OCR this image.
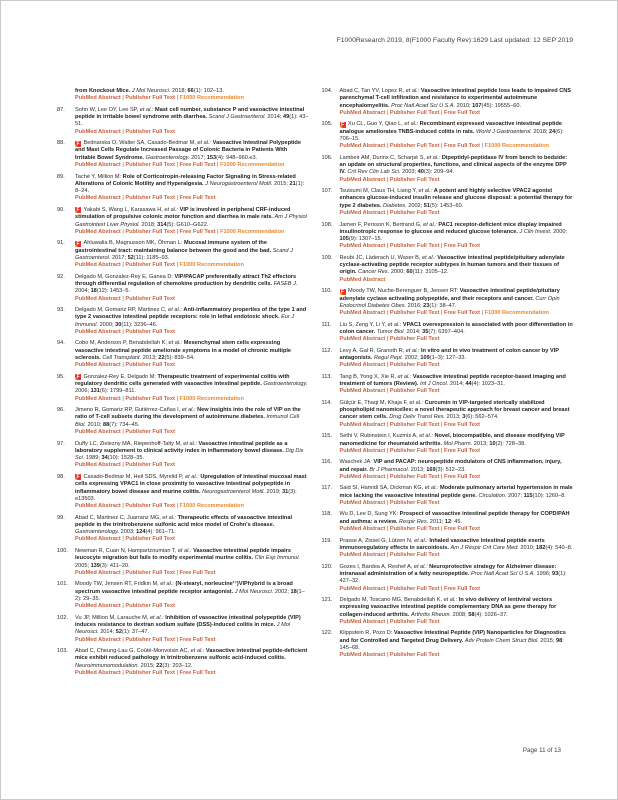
F1000Research 2019, 8(F1000 Faculty Rev):1629 Last updated: 12 SEP 2019
from Knockout Mice. J Mol Neurosci. 2018; 66(1): 102–13.
PubMed Abstract | Publisher Full Text | F1000 Recommendation
87.	Sohn W, Lee OY, Lee SP, et al.: Mast cell number, substance P and vasoactive intestinal peptide in irritable bowel syndrome with diarrhea. Scand J Gastroenterol. 2014; 49(1): 43–51.
PubMed Abstract | Publisher Full Text
88.	F Bednarska O, Walter SA, Casado-Bedmar M, et al.: Vasoactive Intestinal Polypeptide and Mast Cells Regulate Increased Passage of Colonic Bacteria in Patients With Irritable Bowel Syndrome. Gastroenterology. 2017; 153(4): 948–960.e3.
PubMed Abstract | Publisher Full Text | Free Full Text | F1000 Recommendation
89.	Taché Y, Million M: Role of Corticotropin-releasing Factor Signaling in Stress-related Alterations of Colonic Motility and Hyperalgesia. J Neurogastroenterol Motil. 2015; 21(1): 8–24.
PubMed Abstract | Publisher Full Text | Free Full Text
90.	F Yakabi S, Wang L, Karasawa H, et al.: VIP is involved in peripheral CRF-induced stimulation of propulsive colonic motor function and diarrhea in male rats. Am J Physiol Gastrointest Liver Physiol. 2018; 314(5): G610–G622.
PubMed Abstract | Publisher Full Text | Free Full Text | F1000 Recommendation
91.	F Ahluwalia B, Magnusson MK, Öhman L: Mucosal immune system of the gastrointestinal tract: maintaining balance between the good and the bad. Scand J Gastroenterol. 2017; 52(11): 1185–93.
PubMed Abstract | Publisher Full Text | F1000 Recommendation
92.	Delgado M, Gonzalez-Rey E, Ganea D: VIP/PACAP preferentially attract Th2 effectors through differential regulation of chemokine production by dendritic cells. FASEB J. 2004; 18(12): 1453–5.
PubMed Abstract | Publisher Full Text
93.	Delgado M, Gomariz RP, Martinez C, et al.: Anti-inflammatory properties of the type 1 and type 2 vasoactive intestinal peptide receptors: role in lethal endotoxic shock. Eur J Immunol. 2000; 30(11): 3236–46.
PubMed Abstract | Publisher Full Text
94.	Cobo M, Anderson P, Benabdellah K, et al.: Mesenchymal stem cells expressing vasoactive intestinal peptide ameliorate symptoms in a model of chronic multiple sclerosis. Cell Transplant. 2013; 22(5): 839–54.
PubMed Abstract | Publisher Full Text
95.	F Gonzalez-Rey E, Delgado M: Therapeutic treatment of experimental colitis with regulatory dendritic cells generated with vasoactive intestinal peptide. Gastroenterology. 2006; 131(6): 1799–811.
PubMed Abstract | Publisher Full Text | F1000 Recommendation
96.	Jimeno R, Gomariz RP, Gutiérrez-Cañas I, et al.: New insights into the role of VIP on the ratio of T-cell subsets during the development of autoimmune diabetes. Immunol Cell Biol. 2010; 88(7): 734–45.
PubMed Abstract | Publisher Full Text
97.	Duffy LC, Zielezny MA, Riepenhoff-Talty M, et al.: Vasoactive intestinal peptide as a laboratory supplement to clinical activity index in inflammatory bowel disease. Dig Dis Sci. 1989; 34(10): 1528–35.
PubMed Abstract | Publisher Full Text
98.	F Casado-Bedmar M, Heil SDS, Myrelid P, et al.: Upregulation of intestinal mucosal mast cells expressing VPAC1 in close proximity to vasoactive intestinal polypeptide in inflammatory bowel disease and murine colitis. Neurogastroenterol Motil. 2019; 31(3): e13503.
PubMed Abstract | Publisher Full Text | F1000 Recommendation
99.	Abad C, Martinez C, Juarranz MG, et al.: Therapeutic effects of vasoactive intestinal peptide in the trinitrobenzene sulfonic acid mice model of Crohn's disease. Gastroenterology. 2003; 124(4): 961–71.
PubMed Abstract | Publisher Full Text
100.	Newman R, Cuan N, Hampartzoumian T, et al.: Vasoactive intestinal peptide impairs leucocyte migration but fails to modify experimental murine colitis. Clin Exp Immunol. 2005; 139(3): 411–20.
PubMed Abstract | Publisher Full Text | Free Full Text
101.	Moody TW, Jensen RT, Fridkin M, et al.: (N-stearyl, norleucine¹⁷)VIPhybrid is a broad spectrum vasoactive intestinal peptide receptor antagonist. J Mol Neurosci. 2002; 18(1–2): 29–35.
PubMed Abstract | Publisher Full Text
102.	Vu JP, Million M, Larauche M, et al.: Inhibition of vasoactive intestinal polypeptide (VIP) induces resistance to dextran sodium sulfate (DSS)-induced colitis in mice. J Mol Neurosci. 2014; 52(1): 37–47.
PubMed Abstract | Publisher Full Text | Free Full Text
103.	Abad C, Cheung-Lau G, Coûté-Monvoisin AC, et al.: Vasoactive intestinal peptide-deficient mice exhibit reduced pathology in trinitrobenzene sulfonic acid-induced colitis. Neuroimmunomodulation. 2015; 22(3): 203–12.
PubMed Abstract | Publisher Full Text | Free Full Text
104.	Abad C, Tan YV, Lopez R, et al.: Vasoactive intestinal peptide loss leads to impaired CNS parenchymal T-cell infiltration and resistance to experimental autoimmune encephalomyelitis. Proc Natl Acad Sci U S A. 2010; 107(45): 19555–60.
PubMed Abstract | Publisher Full Text | Free Full Text
105.	F Xu CL, Guo Y, Qiao L, et al.: Recombinant expressed vasoactive intestinal peptide analogue ameliorates TNBS-induced colitis in rats. World J Gastroenterol. 2018; 24(6): 706–15.
PubMed Abstract | Publisher Full Text | Free Full Text | F1000 Recommendation
106.	Lambeir AM, Durinx C, Scharpé S, et al.: Dipeptidyl-peptidase IV from bench to bedside: an update on structural properties, functions, and clinical aspects of the enzyme DPP IV. Crit Rev Clin Lab Sci. 2003; 40(3): 209–94.
PubMed Abstract | Publisher Full Text
107.	Tsutsumi M, Claus TH, Liang Y, et al.: A potent and highly selective VPAC2 agonist enhances glucose-induced insulin release and glucose disposal: a potential therapy for type 2 diabetes. Diabetes. 2002; 51(5): 1453–60.
PubMed Abstract | Publisher Full Text
108.	Jamen F, Persson K, Bertrand G, et al.: PAC1 receptor-deficient mice display impaired insulinotropic response to glucose and reduced glucose tolerance. J Clin Invest. 2000; 105(9): 1307–15.
PubMed Abstract | Publisher Full Text | Free Full Text
109.	Reubi JC, Läderach U, Waser B, et al.: Vasoactive intestinal peptide/pituitary adenylate cyclase-activating peptide receptor subtypes in human tumors and their tissues of origin. Cancer Res. 2000; 60(11): 3105–12.
PubMed Abstract
110.	F Moody TW, Nuche-Berenguer B, Jensen RT: Vasoactive intestinal peptide/pituitary adenylate cyclase activating polypeptide, and their receptors and cancer. Curr Opin Endocrinol Diabetes Obes. 2016; 23(1): 38–47.
PubMed Abstract | Publisher Full Text | Free Full Text | F1000 Recommendation
111.	Liu S, Zeng Y, Li Y, et al.: VPAC1 overexpression is associated with poor differentiation in colon cancer. Tumor Biol. 2014; 35(7): 6397–404.
PubMed Abstract | Publisher Full Text
112.	Levy A, Gal R, Granoth R, et al.: In vitro and in vivo treatment of colon cancer by VIP antagonists. Regul Pept. 2002; 109(1–3): 127–33.
PubMed Abstract | Publisher Full Text
113.	Tang B, Yong X, Xie R, et al.: Vasoactive intestinal peptide receptor-based imaging and treatment of tumors (Review). Int J Oncol. 2014; 44(4): 1023–31.
PubMed Abstract | Publisher Full Text
114.	Gülçür E, Thaqi M, Khaja F, et al.: Curcumin in VIP-targeted sterically stabilized phospholipid nanomicelles: a novel therapeutic approach for breast cancer and breast cancer stem cells. Drug Deliv Transl Res. 2013; 3(6): 562–574.
PubMed Abstract | Publisher Full Text | Free Full Text
115.	Sethi V, Rubinstein I, Kuzmis A, et al.: Novel, biocompatible, and disease modifying VIP nanomedicine for rheumatoid arthritis. Mol Pharm. 2013; 10(2): 728–38.
PubMed Abstract | Publisher Full Text | Free Full Text
116.	Waschek JA: VIP and PACAP: neuropeptide modulators of CNS inflammation, injury, and repair. Br J Pharmacol. 2013; 169(3): 512–23.
PubMed Abstract | Publisher Full Text | Free Full Text
117.	Said SI, Hamidi SA, Dickman KG, et al.: Moderate pulmonary arterial hypertension in male mice lacking the vasoactive intestinal peptide gene. Circulation. 2007; 115(10): 1260–8.
PubMed Abstract | Publisher Full Text
118.	Wu D, Lee D, Sung YK: Prospect of vasoactive intestinal peptide therapy for COPD/PAH and asthma: a review. Respir Res. 2011; 12: 45.
PubMed Abstract | Publisher Full Text | Free Full Text
119.	Prasse A, Zissel G, Lützen N, et al.: Inhaled vasoactive intestinal peptide exerts immunoregulatory effects in sarcoidosis. Am J Respir Crit Care Med. 2010; 182(4): 540–8.
PubMed Abstract | Publisher Full Text
120.	Gozes I, Bardea A, Reshef A, et al.: Neuroprotective strategy for Alzheimer disease: intranasal administration of a fatty neuropeptide. Proc Natl Acad Sci U S A. 1996; 93(1): 427–32.
PubMed Abstract | Publisher Full Text | Free Full Text
121.	Delgado M, Toscano MG, Benabdellah K, et al.: In vivo delivery of lentiviral vectors expressing vasoactive intestinal peptide complementary DNA as gene therapy for collagen-induced arthritis. Arthritis Rheum. 2008; 58(4): 1026–37.
PubMed Abstract | Publisher Full Text
122.	Klippstein R, Pozo D: Vasoactive Intestinal Peptide (VIP) Nanoparticles for Diagnostics and for Controlled and Targeted Drug Delivery. Adv Protein Chem Struct Biol. 2015; 98: 145–68.
PubMed Abstract | Publisher Full Text
Page 11 of 13
